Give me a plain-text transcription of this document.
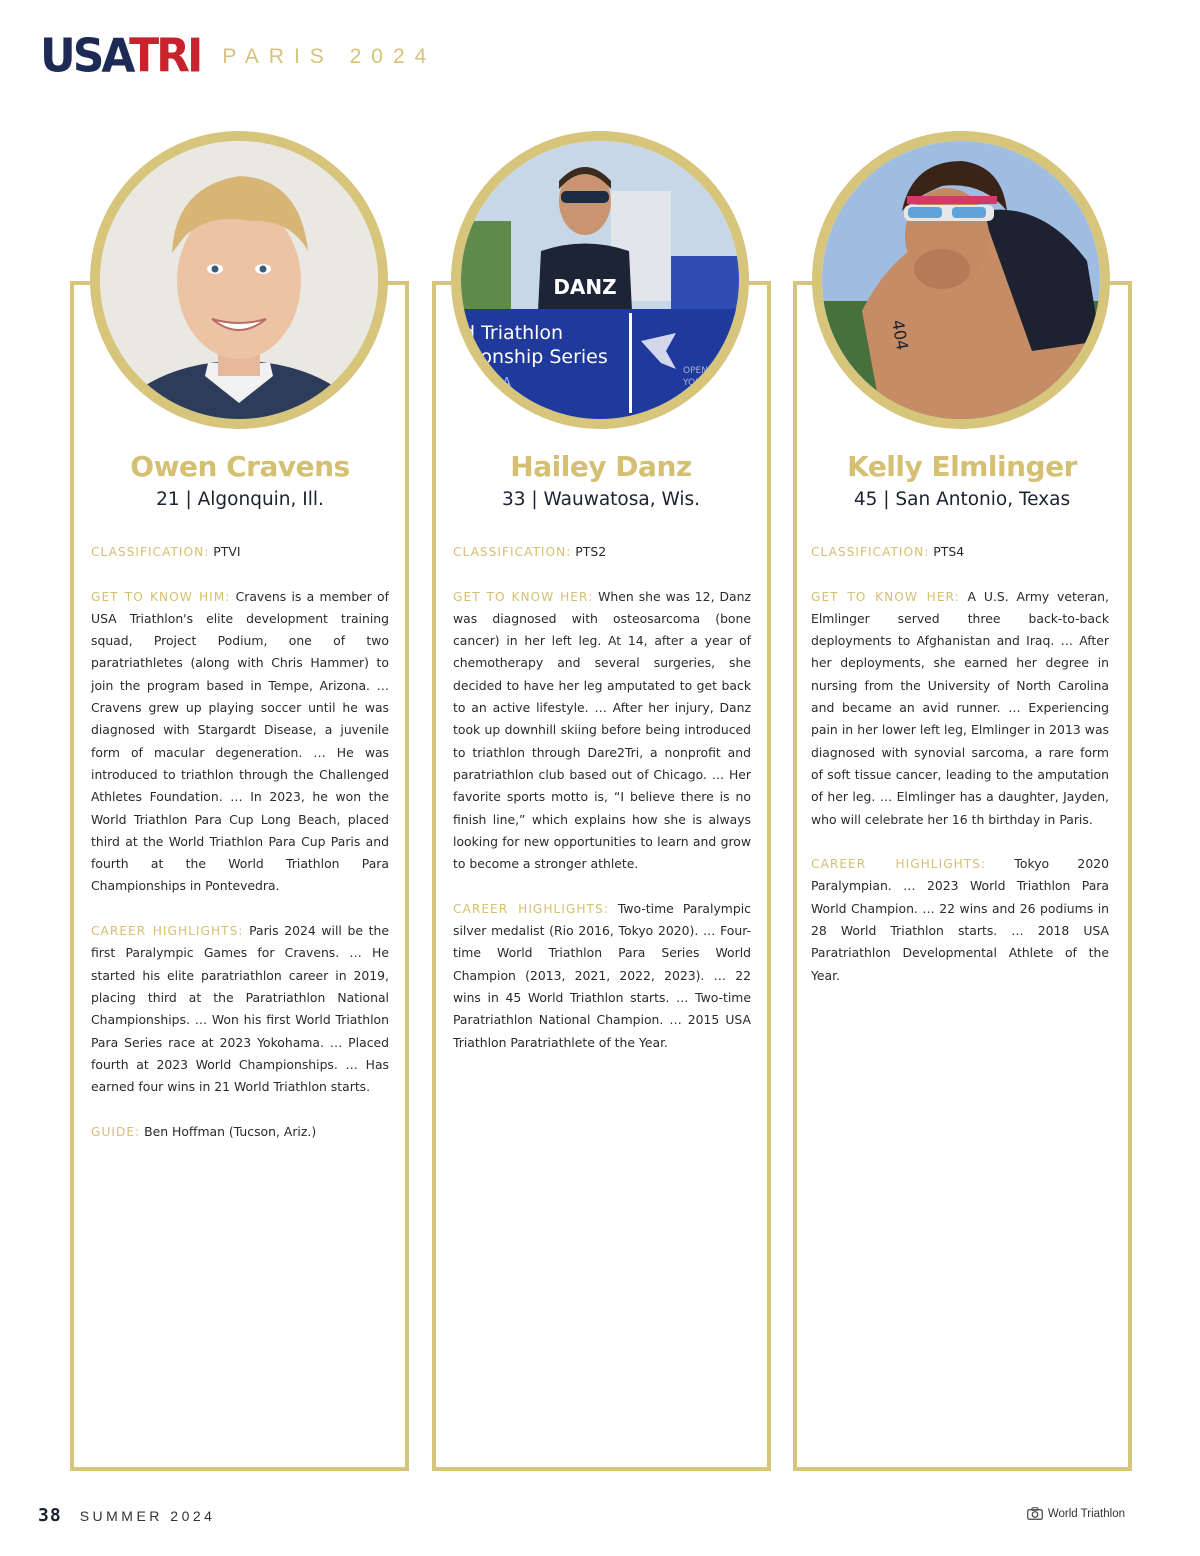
USATRI PARIS 2024
DANZ
d Triathlon
pionship Series
MA
OPEN
YOK
404
Owen Cravens
21 | Algonquin, Ill.
Hailey Danz
33 | Wauwatosa, Wis.
Kelly Elmlinger
45 | San Antonio, Texas

CLASSIFICATION: PTVI

GET TO KNOW HIM: Cravens is a member of USA Triathlon's elite development training squad, Project Podium, one of two paratriathletes (along with Chris Hammer) to join the program based in Tempe, Arizona. … Cravens grew up playing soccer until he was diagnosed with Stargardt Disease, a juvenile form of macular degeneration. … He was introduced to triathlon through the Challenged Athletes Foundation. … In 2023, he won the World Triathlon Para Cup Long Beach, placed third at the World Triathlon Para Cup Paris and fourth at the World Triathlon Para Championships in Pontevedra.

CAREER HIGHLIGHTS: Paris 2024 will be the first Paralympic Games for Cravens. … He started his elite paratriathlon career in 2019, placing third at the Paratriathlon National Championships. … Won his first World Triathlon Para Series race at 2023 Yokohama. … Placed fourth at 2023 World Championships. … Has earned four wins in 21 World Triathlon starts.

GUIDE: Ben Hoffman (Tucson, Ariz.)

CLASSIFICATION: PTS2

GET TO KNOW HER: When she was 12, Danz was diagnosed with osteosarcoma (bone cancer) in her left leg. At 14, after a year of chemotherapy and several surgeries, she decided to have her leg amputated to get back to an active lifestyle. … After her injury, Danz took up downhill skiing before being introduced to triathlon through Dare2Tri, a nonprofit and paratriathlon club based out of Chicago. … Her favorite sports motto is, “I believe there is no finish line,” which explains how she is always looking for new opportunities to learn and grow to become a stronger athlete.

CAREER HIGHLIGHTS: Two-time Paralympic silver medalist (Rio 2016, Tokyo 2020). … Four-time World Triathlon Para Series World Champion (2013, 2021, 2022, 2023). … 22 wins in 45 World Triathlon starts. … Two-time Paratriathlon National Champion. … 2015 USA Triathlon Paratriathlete of the Year.

CLASSIFICATION: PTS4

GET TO KNOW HER: A U.S. Army veteran, Elmlinger served three back-to-back deployments to Afghanistan and Iraq. … After her deployments, she earned her degree in nursing from the University of North Carolina and became an avid runner. … Experiencing pain in her lower left leg, Elmlinger in 2013 was diagnosed with synovial sarcoma, a rare form of soft tissue cancer, leading to the amputation of her leg. … Elmlinger has a daughter, Jayden, who will celebrate her 16 th birthday in Paris.

CAREER HIGHLIGHTS: Tokyo 2020 Paralympian. … 2023 World Triathlon Para World Champion. … 22 wins and 26 podiums in 28 World Triathlon starts. … 2018 USA Paratriathlon Developmental Athlete of the Year.

38 SUMMER 2024	World Triathlon
